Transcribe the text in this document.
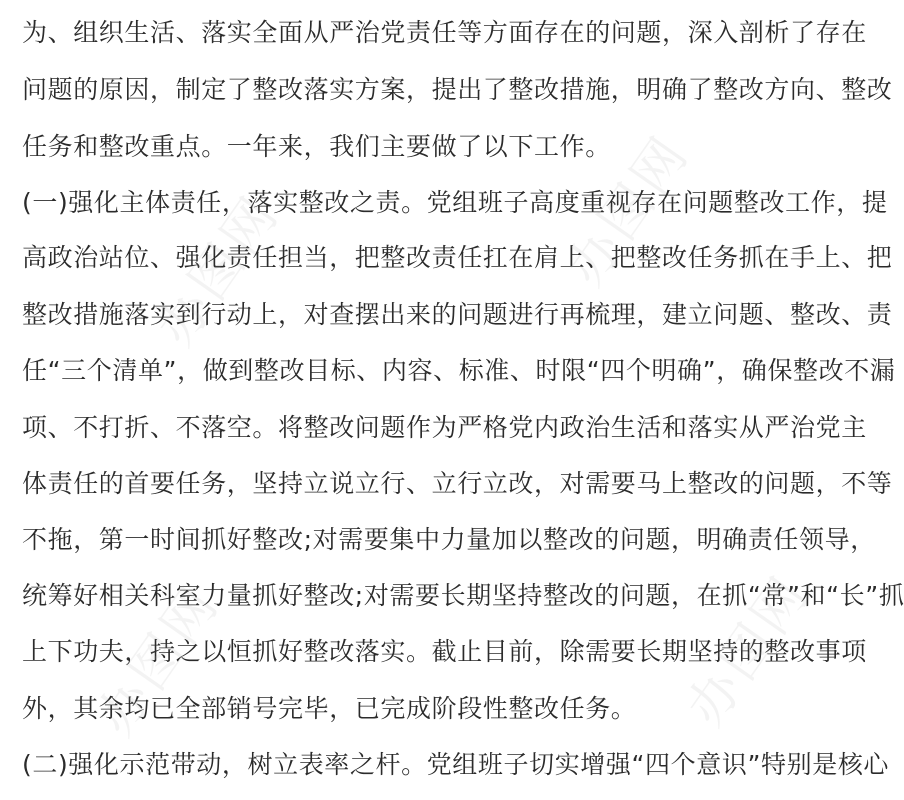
为、组织生活、落实全面从严治党责任等方面存在的问题，深入剖析了存在
问题的原因，制定了整改落实方案，提出了整改措施，明确了整改方向、整改
任务和整改重点。一年来，我们主要做了以下工作。
(一)强化主体责任，落实整改之责。党组班子高度重视存在问题整改工作，提
高政治站位、强化责任担当，把整改责任扛在肩上、把整改任务抓在手上、把
整改措施落实到行动上，对查摆出来的问题进行再梳理，建立问题、整改、责
任“三个清单”，做到整改目标、内容、标准、时限“四个明确”，确保整改不漏
项、不打折、不落空。将整改问题作为严格党内政治生活和落实从严治党主
体责任的首要任务，坚持立说立行、立行立改，对需要马上整改的问题，不等
不拖，第一时间抓好整改;对需要集中力量加以整改的问题，明确责任领导，
统筹好相关科室力量抓好整改;对需要长期坚持整改的问题，在抓“常”和“长”抓
上下功夫，持之以恒抓好整改落实。截止目前，除需要长期坚持的整改事项
外，其余均已全部销号完毕，已完成阶段性整改任务。
(二)强化示范带动，树立表率之杆。党组班子切实增强“四个意识”特别是核心
办图网
办图网
办图网
办图网
